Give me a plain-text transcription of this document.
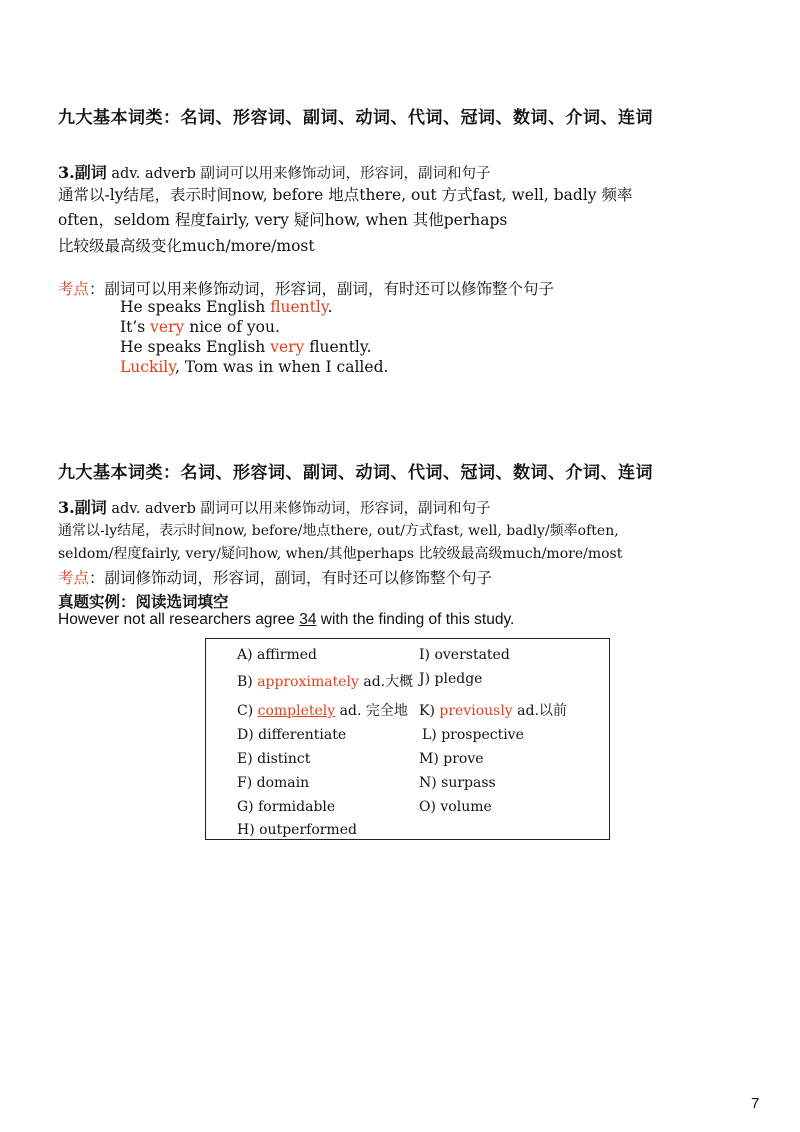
九大基本词类：名词、形容词、副词、动词、代词、冠词、数词、介词、连词
3.副词 adv. adverb 副词可以用来修饰动词，形容词，副词和句子
通常以-ly结尾，表示时间now, before 地点there, out 方式fast, well, badly 频率
often，seldom 程度fairly, very 疑问how, when 其他perhaps
比较级最高级变化much/more/most
考点：副词可以用来修饰动词，形容词，副词，有时还可以修饰整个句子
He speaks English fluently.
It’s very nice of you.
He speaks English very fluently.
Luckily, Tom was in when I called.
九大基本词类：名词、形容词、副词、动词、代词、冠词、数词、介词、连词
3.副词 adv. adverb 副词可以用来修饰动词，形容词，副词和句子
通常以-ly结尾，表示时间now, before/地点there, out/方式fast, well, badly/频率often,
seldom/程度fairly, very/疑问how, when/其他perhaps 比较级最高级much/more/most
考点：副词修饰动词，形容词，副词，有时还可以修饰整个句子
真题实例：阅读选词填空
However not all researchers agree 34 with the finding of this study.
A) affirmed
B) approximately ad.大概
C) completely ad. 完全地
D) differentiate
E) distinct
F) domain
G) formidable
H) outperformed
I) overstated
J) pledge
K) previously ad.以前
L) prospective
M) prove
N) surpass
O) volume
7
